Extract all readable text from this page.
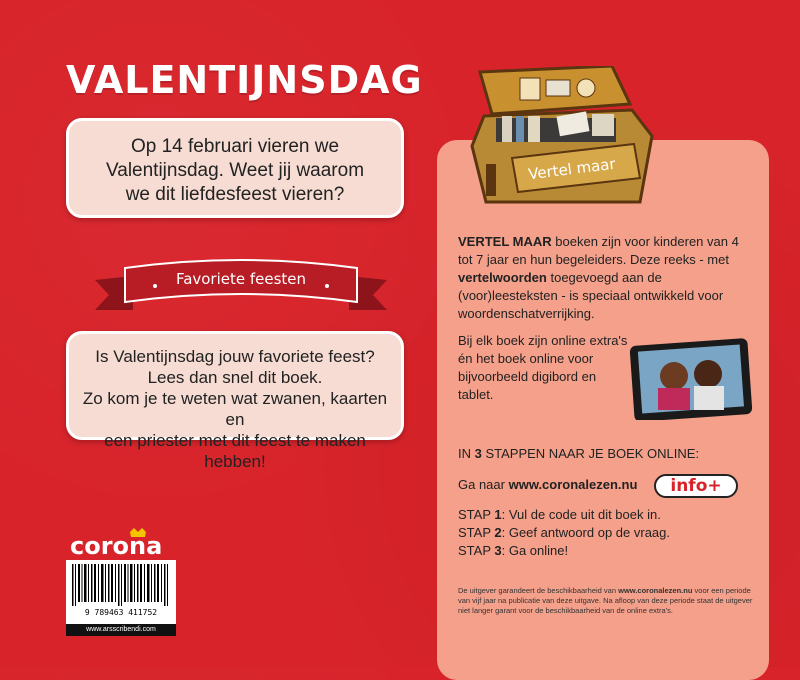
VALENTIJNSDAG

Op 14 februari vieren we

Valentijnsdag. Weet jij waarom

we dit liefdesfeest vieren?

Favoriete feesten

Is Valentijnsdag jouw favoriete feest?

Lees dan snel dit boek.

Zo kom je te weten wat zwanen, kaarten en

een priester met dit feest te maken hebben!

corona
9 789463 411752
www.arsscribendi.com
Vertel maar
VERTEL MAAR boeken zijn voor kinderen van 4 tot 7 jaar en hun begeleiders. Deze reeks - met vertelwoorden toegevoegd aan de (voor)leesteksten - is speciaal ontwikkeld voor woordenschatverrijking.
Bij elk boek zijn online extra's én het boek online voor bijvoorbeeld digibord en tablet.
IN 3 STAPPEN NAAR JE BOEK ONLINE:
Ga naar www.coronalezen.nu	info+
STAP 1: Vul de code uit dit boek in.
STAP 2: Geef antwoord op de vraag.
STAP 3: Ga online!
De uitgever garandeert de beschikbaarheid van www.coronalezen.nu voor een periode van vijf jaar na publicatie van deze uitgave. Na afloop van deze periode staat de uitgever niet langer garant voor de beschikbaarheid van de online extra's.
